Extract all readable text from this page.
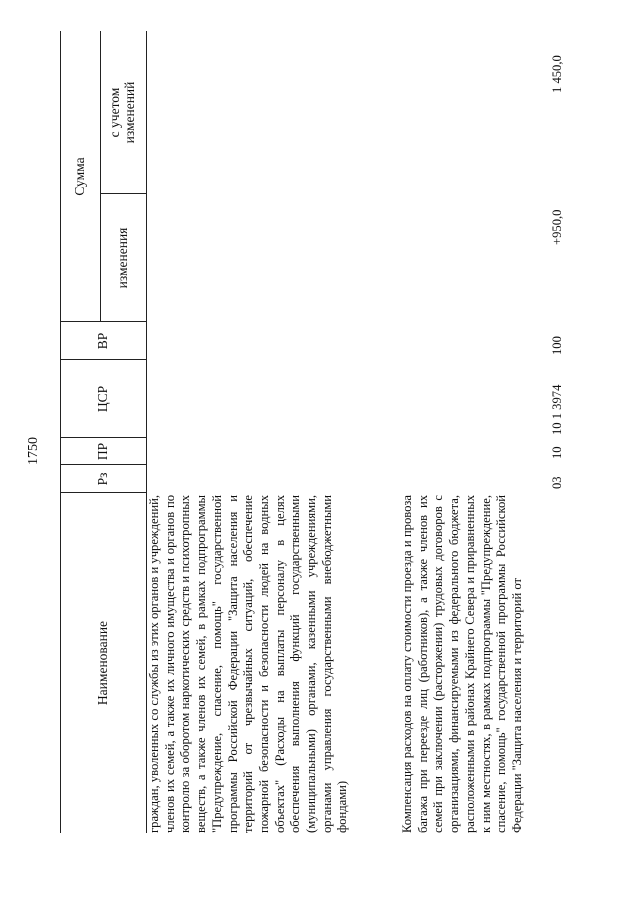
1750
Наименование
Рз
ПР
ЦСР
ВР
Сумма
изменения
с учетом изменений

граждан, уволенных со службы из этих органов и учреждений, членов их семей, а также их личного имущества и органов по контролю за оборотом наркотических средств и психотропных веществ, а также членов их семей, в рамках подпрограммы "Предупреждение, спасение, помощь" государственной программы Российской Федерации "Защита населения и территорий от чрезвычайных ситуаций, обеспечение пожарной безопасности и безопасности людей на водных объектах" (Расходы на выплаты персоналу в целях обеспечения выполнения функций государственными (муниципальными) органами, казенными учреждениями, органами управления государственными внебюджетными фондами)

03
10
10 1 3974
100
+950,0
1 450,0

Компенсация расходов на оплату стоимости проезда и провоза багажа при переезде лиц (работников), а также членов их семей при заключении (расторжении) трудовых договоров с организациями, финансируемыми из федерального бюджета, расположенными в районах Крайнего Севера и приравненных к ним местностях, в рамках подпрограммы "Предупреждение, спасение, помощь" государственной программы Российской Федерации "Защита населения и территорий от
